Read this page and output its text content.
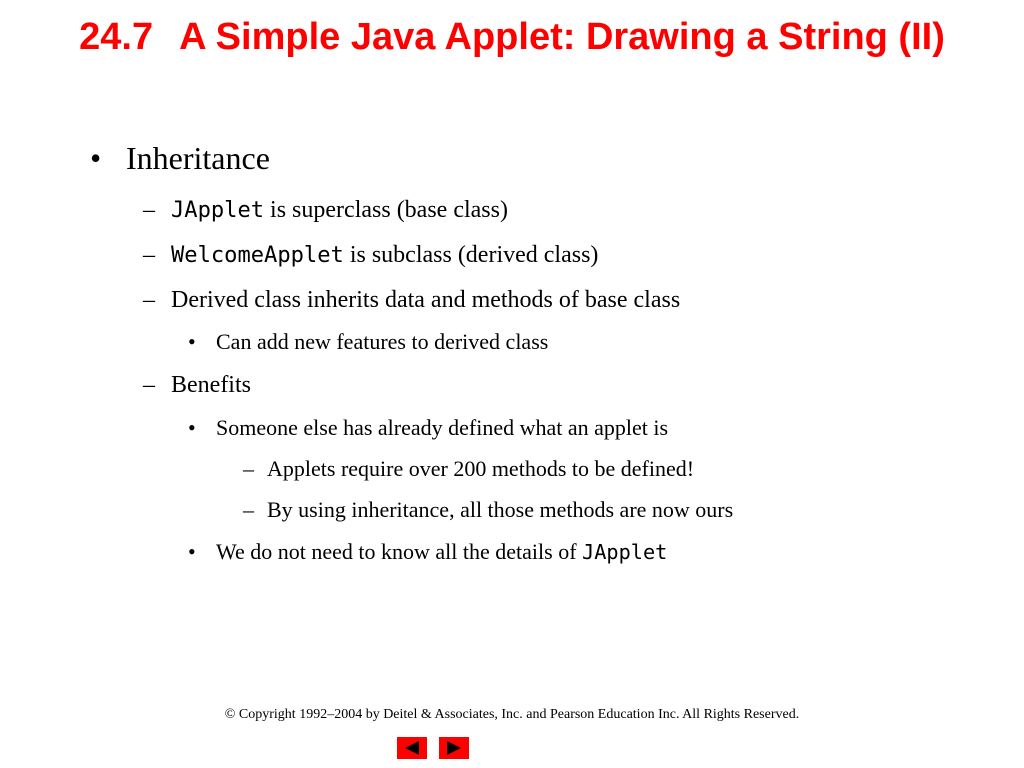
24.7 A Simple Java Applet: Drawing a String (II)
• Inheritance
– JApplet is superclass (base class)
– WelcomeApplet is subclass (derived class)
– Derived class inherits data and methods of base class
• Can add new features to derived class
– Benefits
• Someone else has already defined what an applet is
– Applets require over 200 methods to be defined!
– By using inheritance, all those methods are now ours
• We do not need to know all the details of JApplet
© Copyright 1992–2004 by Deitel & Associates, Inc. and Pearson Education Inc. All Rights Reserved.
